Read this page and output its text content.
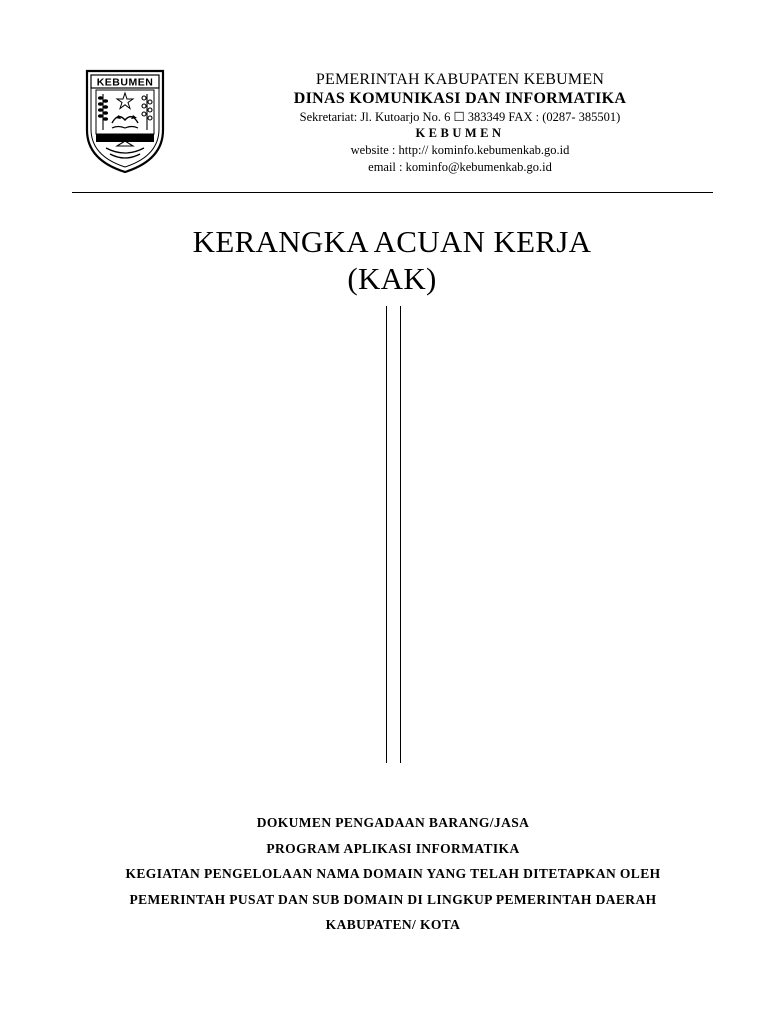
KEBUMEN	PEMERINTAH KABUPATEN KEBUMEN
DINAS KOMUNIKASI DAN INFORMATIKA
Sekretariat: Jl. Kutoarjo No. 6 ☐ 383349 FAX : (0287- 385501)
KEBUMEN
website : http:// kominfo.kebumenkab.go.id
email : kominfo@kebumenkab.go.id
KERANGKA ACUAN KERJA
(KAK)
DOKUMEN PENGADAAN BARANG/JASA
PROGRAM APLIKASI INFORMATIKA
KEGIATAN PENGELOLAAN NAMA DOMAIN YANG TELAH DITETAPKAN OLEH
PEMERINTAH PUSAT DAN SUB DOMAIN DI LINGKUP PEMERINTAH DAERAH
KABUPATEN/ KOTA
